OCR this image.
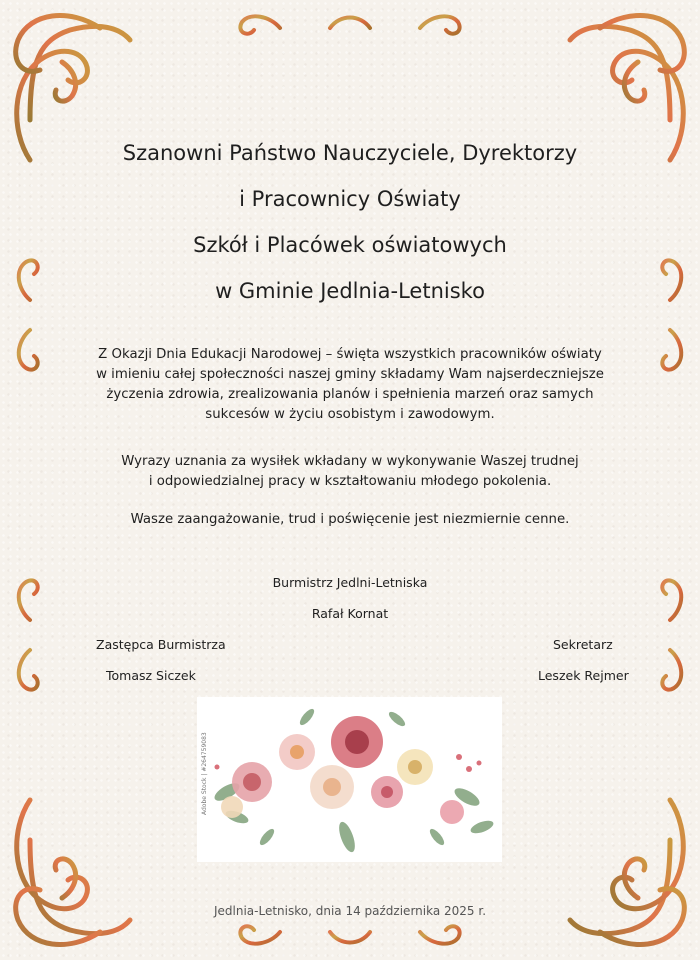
Szanowni Państwo Nauczyciele, Dyrektorzy
i Pracownicy Oświaty
Szkół i Placówek oświatowych
w Gminie Jedlnia-Letnisko
Z Okazji Dnia Edukacji Narodowej – święta wszystkich pracowników oświaty
w imieniu całej społeczności naszej gminy składamy Wam najserdeczniejsze
życzenia zdrowia, zrealizowania planów i spełnienia marzeń oraz samych
sukcesów w życiu osobistym i zawodowym.
Wyrazy uznania za wysiłek wkładany w wykonywanie Waszej trudnej
i odpowiedzialnej pracy w kształtowaniu młodego pokolenia.
Wasze zaangażowanie, trud i poświęcenie jest niezmiernie cenne.
Burmistrz Jedlni-Letniska
Rafał Kornat
Zastępca Burmistrza
Tomasz Siczek
Sekretarz
Leszek Rejmer
Adobe Stock | #264759083
Jedlnia-Letnisko, dnia 14 października 2025 r.
